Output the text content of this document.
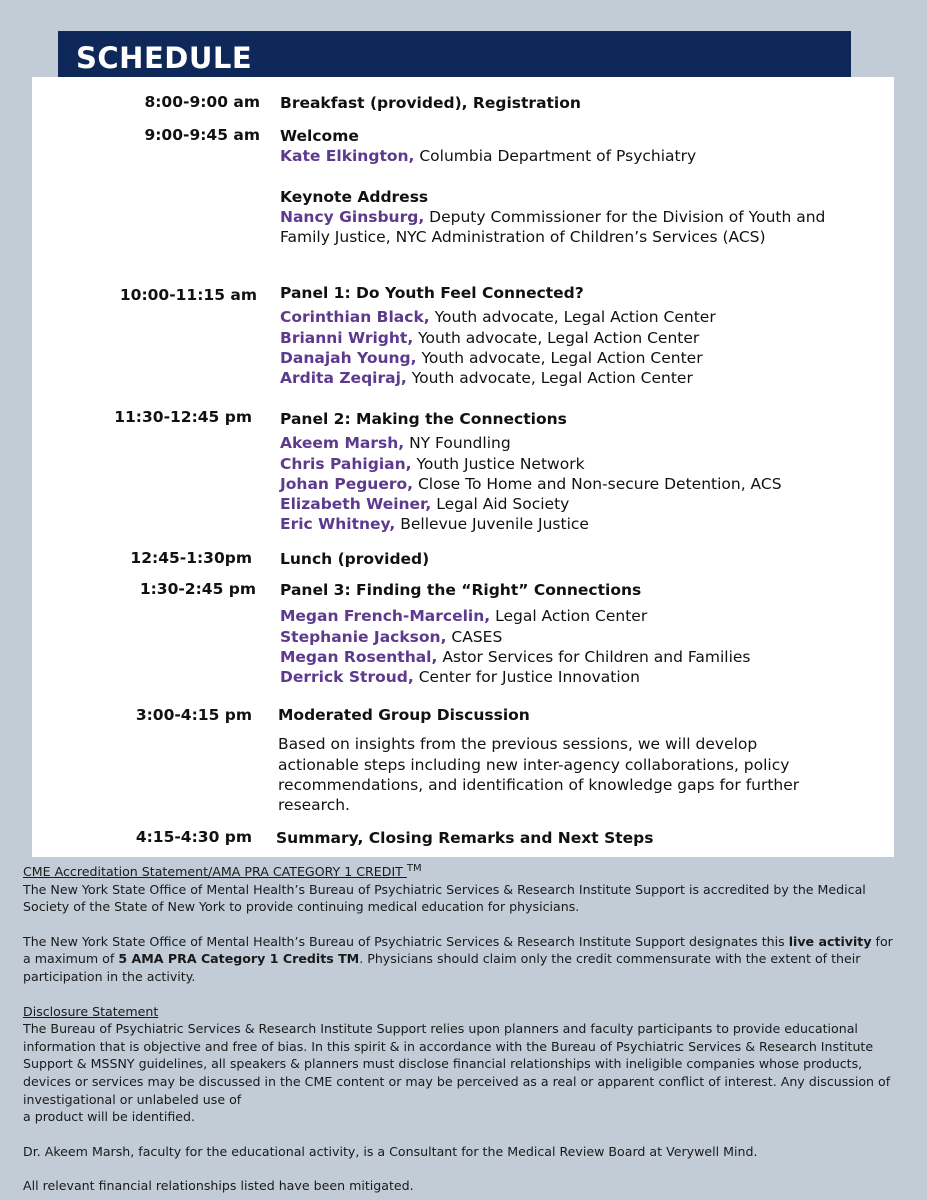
SCHEDULE
8:00-9:00 am Breakfast (provided), Registration
9:00-9:45 am Welcome
Kate Elkington, Columbia Department of Psychiatry
Keynote Address
Nancy Ginsburg, Deputy Commissioner for the Division of Youth and Family Justice, NYC Administration of Children’s Services (ACS)
10:00-11:15 am Panel 1: Do Youth Feel Connected?
Corinthian Black, Youth advocate, Legal Action Center
Brianni Wright, Youth advocate, Legal Action Center
Danajah Young, Youth advocate, Legal Action Center
Ardita Zeqiraj, Youth advocate, Legal Action Center
11:30-12:45 pm Panel 2: Making the Connections
Akeem Marsh, NY Foundling
Chris Pahigian, Youth Justice Network
Johan Peguero, Close To Home and Non-secure Detention, ACS
Elizabeth Weiner, Legal Aid Society
Eric Whitney, Bellevue Juvenile Justice
12:45-1:30pm Lunch (provided)
1:30-2:45 pm Panel 3: Finding the “Right” Connections
Megan French-Marcelin, Legal Action Center
Stephanie Jackson, CASES
Megan Rosenthal, Astor Services for Children and Families
Derrick Stroud, Center for Justice Innovation
3:00-4:15 pm Moderated Group Discussion
Based on insights from the previous sessions, we will develop actionable steps including new inter-agency collaborations, policy recommendations, and identification of knowledge gaps for further research.
4:15-4:30 pm Summary, Closing Remarks and Next Steps
CME Accreditation Statement/AMA PRA CATEGORY 1 CREDIT ™
The New York State Office of Mental Health’s Bureau of Psychiatric Services & Research Institute Support is accredited by the Medical Society of the State of New York to provide continuing medical education for physicians.
The New York State Office of Mental Health’s Bureau of Psychiatric Services & Research Institute Support designates this live activity for a maximum of 5 AMA PRA Category 1 Credits TM. Physicians should claim only the credit commensurate with the extent of their participation in the activity.
Disclosure Statement
The Bureau of Psychiatric Services & Research Institute Support relies upon planners and faculty participants to provide educational information that is objective and free of bias. In this spirit & in accordance with the Bureau of Psychiatric Services & Research Institute Support & MSSNY guidelines, all speakers & planners must disclose financial relationships with ineligible companies whose products, devices or services may be discussed in the CME content or may be perceived as a real or apparent conflict of interest. Any discussion of investigational or unlabeled use of
a product will be identified.
Dr. Akeem Marsh, faculty for the educational activity, is a Consultant for the Medical Review Board at Verywell Mind.
All relevant financial relationships listed have been mitigated.
